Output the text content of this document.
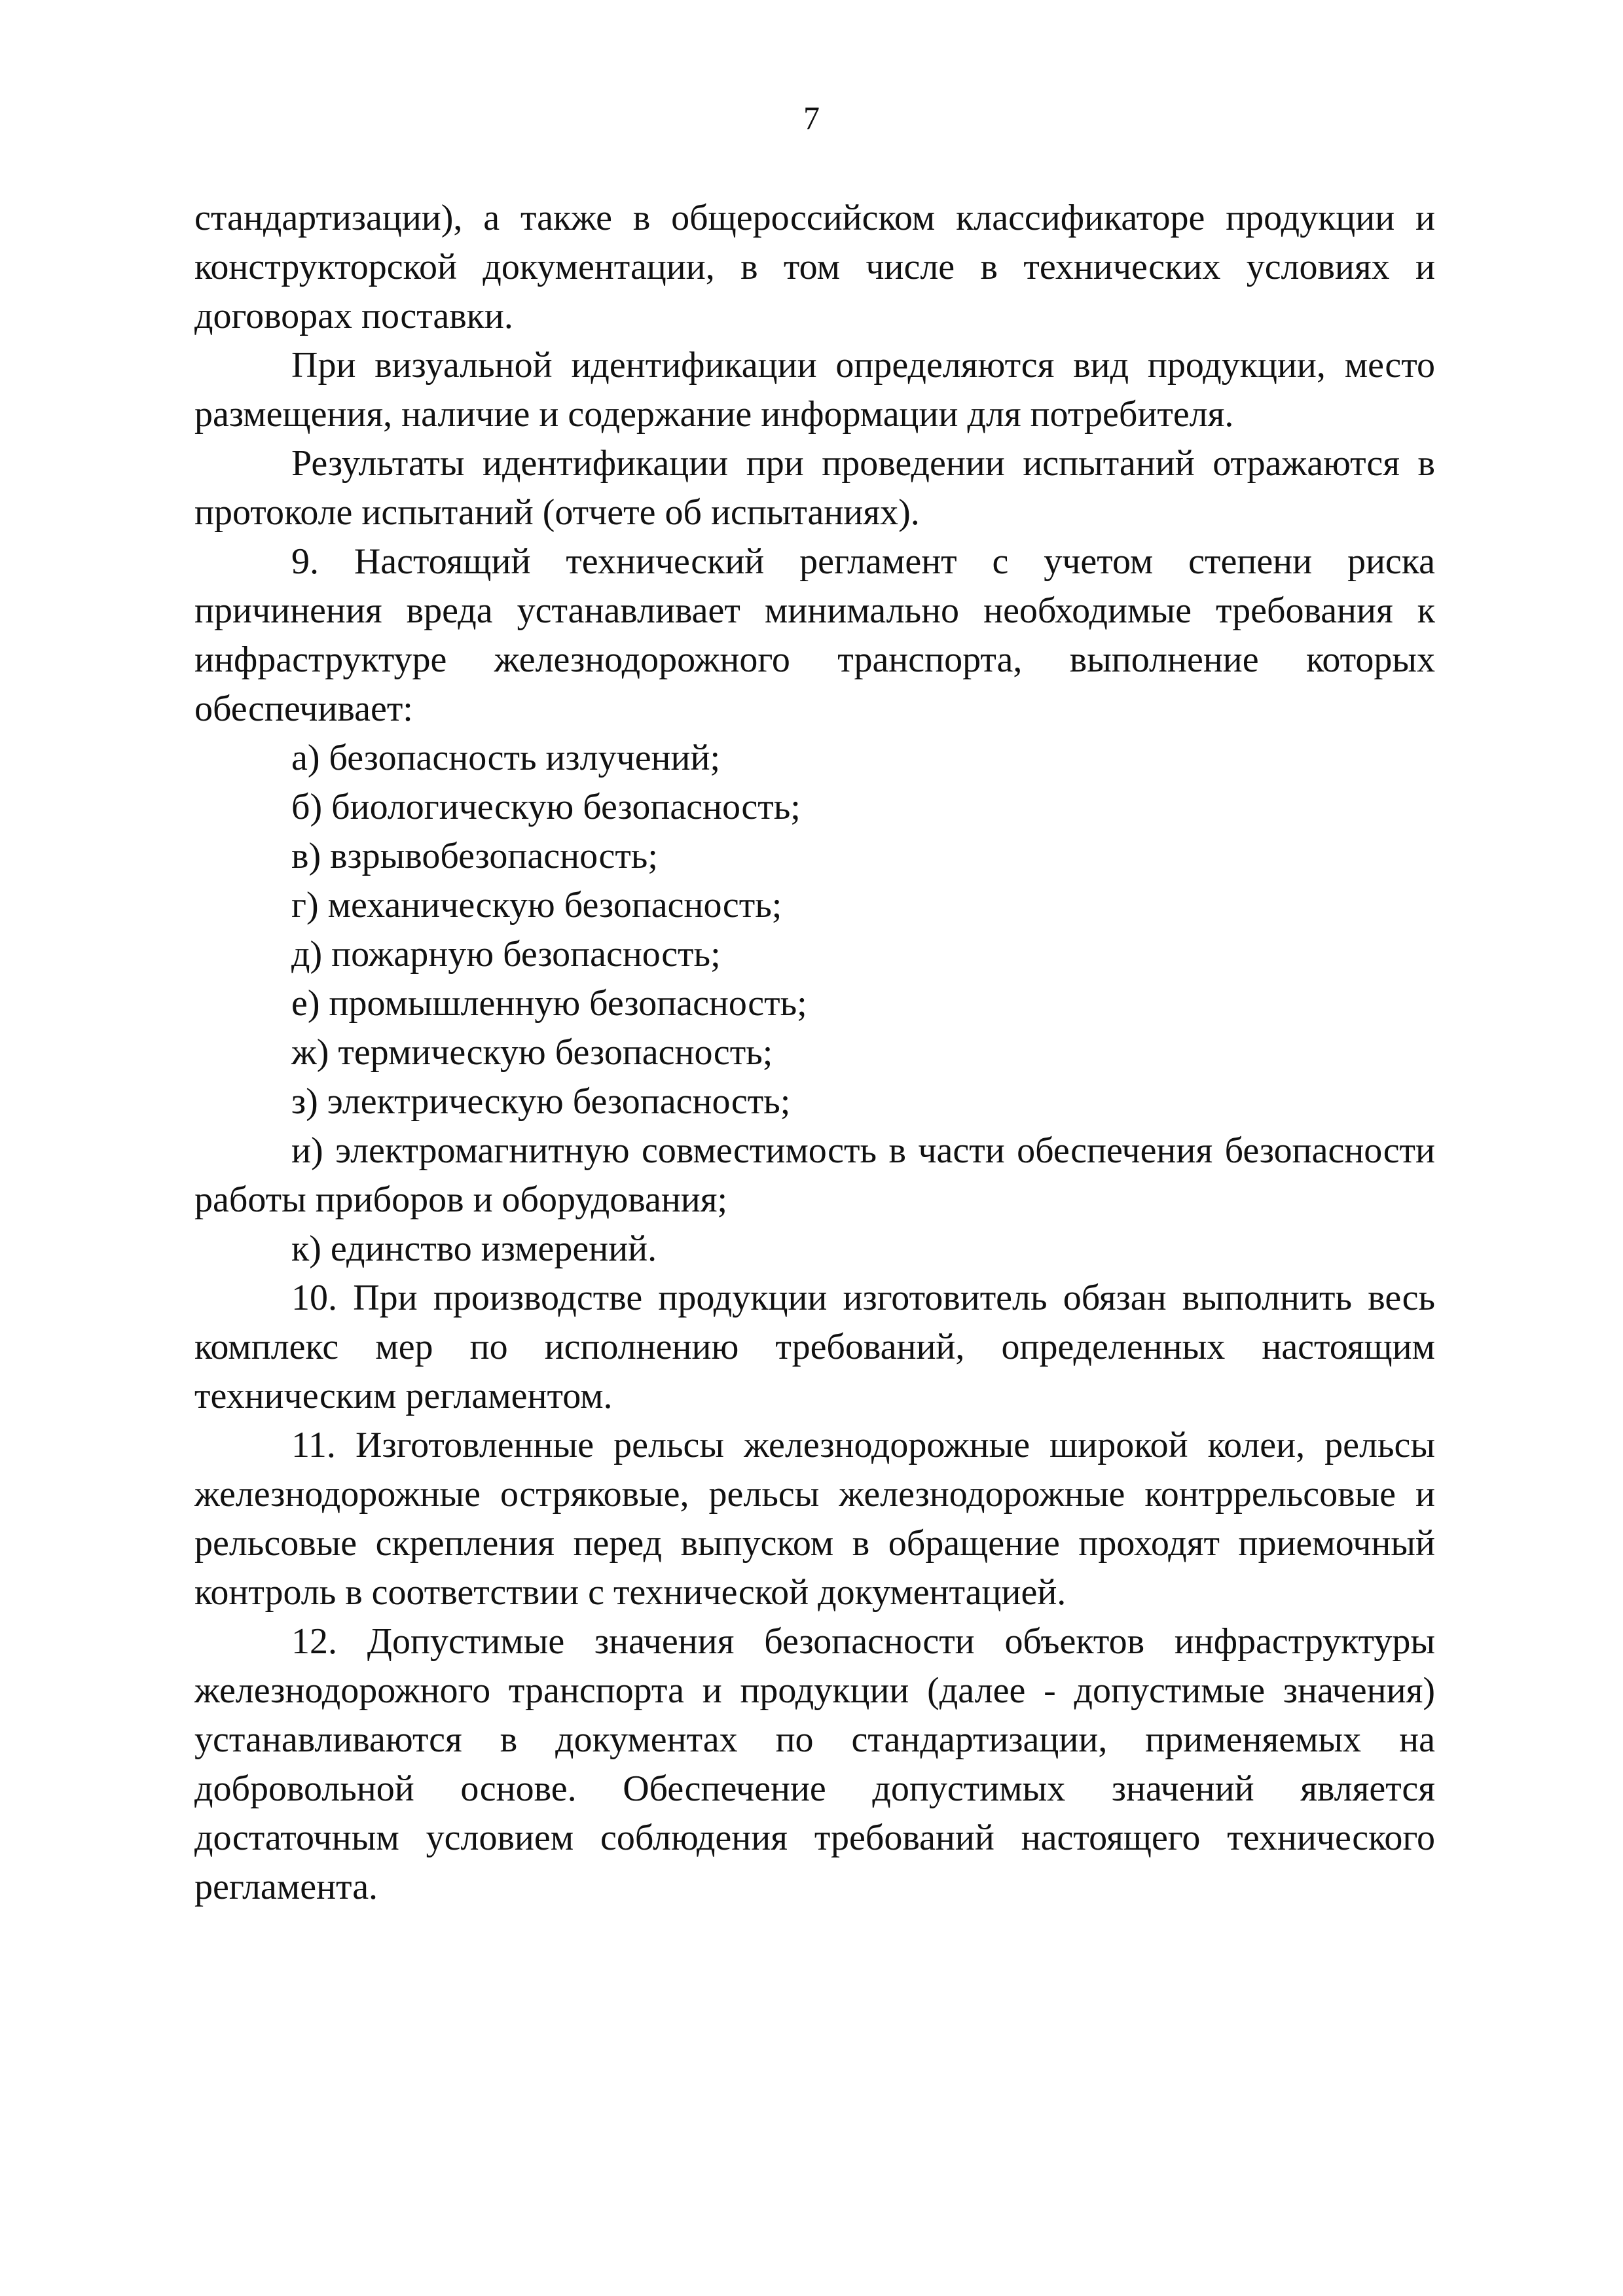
7

стандартизации), а также в общероссийском классификаторе продукции и конструкторской документации, в том числе в технических условиях и договорах поставки.

При визуальной идентификации определяются вид продукции, место размещения, наличие и содержание информации для потребителя.

Результаты идентификации при проведении испытаний отражаются в протоколе испытаний (отчете об испытаниях).

9. Настоящий технический регламент с учетом степени риска причинения вреда устанавливает минимально необходимые требования к инфраструктуре железнодорожного транспорта, выполнение которых обеспечивает:

а) безопасность излучений;

б) биологическую безопасность;

в) взрывобезопасность;

г) механическую безопасность;

д) пожарную безопасность;

е) промышленную безопасность;

ж) термическую безопасность;

з) электрическую безопасность;

и) электромагнитную совместимость в части обеспечения безопасности работы приборов и оборудования;

к) единство измерений.

10. При производстве продукции изготовитель обязан выполнить весь комплекс мер по исполнению требований, определенных настоящим техническим регламентом.

11. Изготовленные рельсы железнодорожные широкой колеи, рельсы железнодорожные остряковые, рельсы железнодорожные контррельсовые и рельсовые скрепления перед выпуском в обращение проходят приемочный контроль в соответствии с технической документацией.

12. Допустимые значения безопасности объектов инфраструктуры железнодорожного транспорта и продукции (далее - допустимые значения) устанавливаются в документах по стандартизации, применяемых на добровольной основе. Обеспечение допустимых значений является достаточным условием соблюдения требований настоящего технического регламента.
